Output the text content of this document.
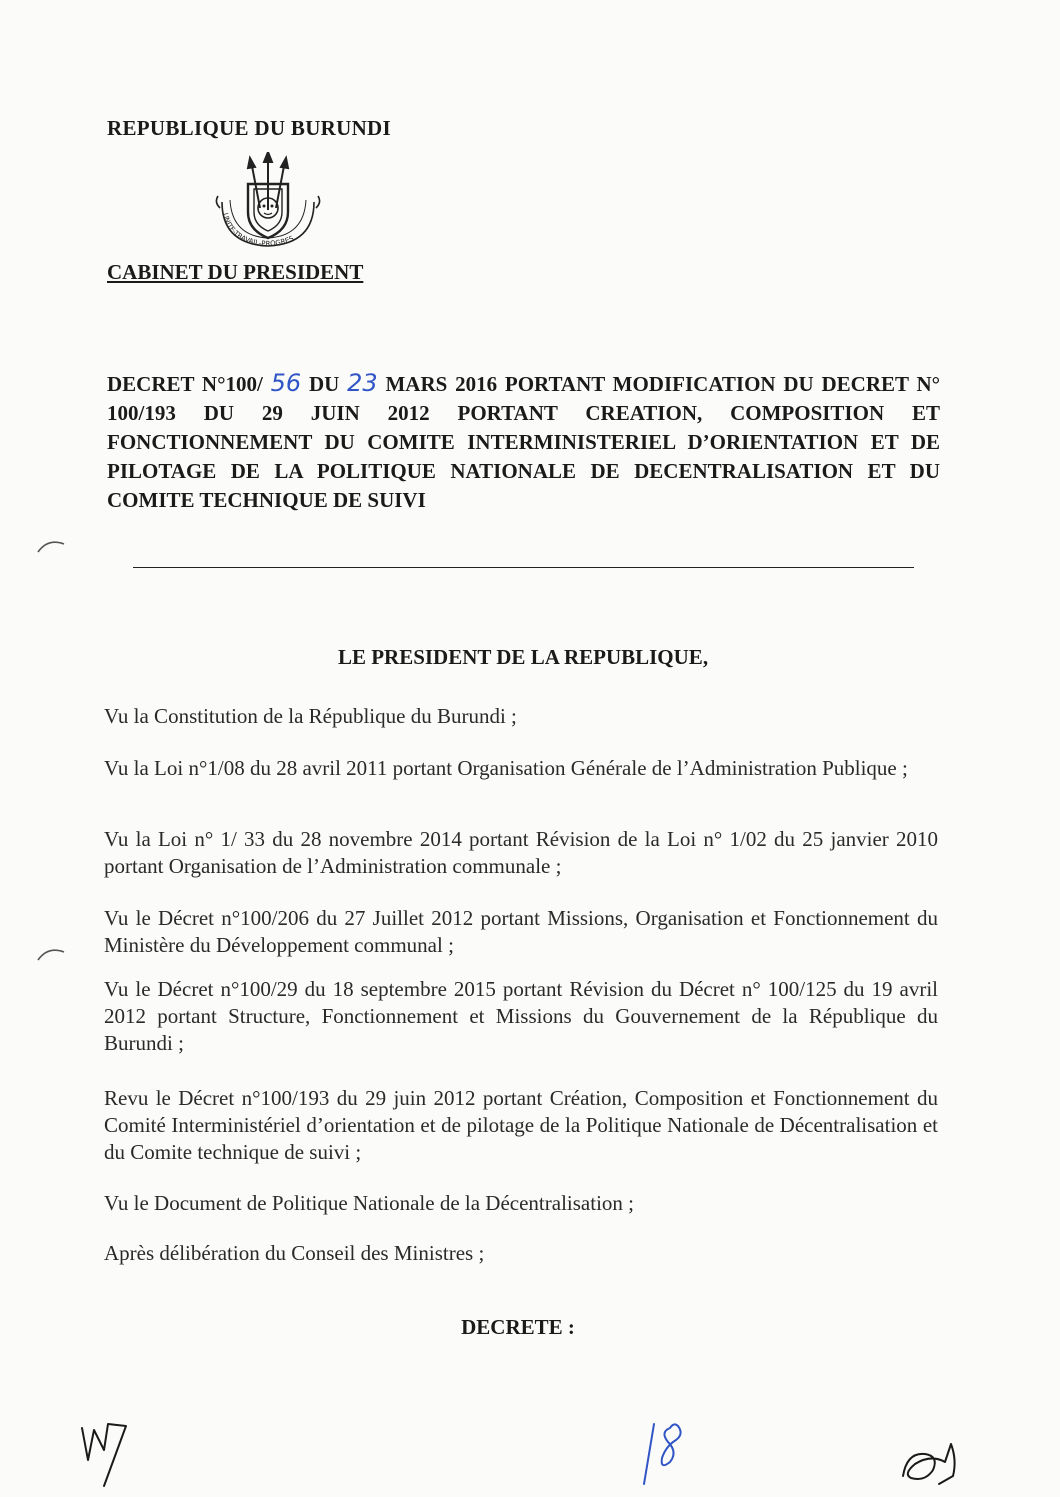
REPUBLIQUE DU BURUNDI
UNITE-TRAVAIL-PROGRES
CABINET DU PRESIDENT
DECRET N°100/ 56 DU 23 MARS 2016 PORTANT MODIFICATION DU DECRET N° 100/193 DU 29 JUIN 2012 PORTANT CREATION, COMPOSITION ET FONCTIONNEMENT DU COMITE INTERMINISTERIEL D’ORIENTATION ET DE PILOTAGE DE LA POLITIQUE NATIONALE DE DECENTRALISATION ET DU COMITE TECHNIQUE DE SUIVI
LE PRESIDENT DE LA REPUBLIQUE,
Vu la Constitution de la République du Burundi ;
Vu la Loi n°1/08 du 28 avril 2011 portant Organisation Générale de l’Administration Publique ;
Vu la Loi n° 1/ 33 du 28 novembre 2014 portant Révision de la Loi n° 1/02 du 25 janvier 2010 portant Organisation de l’Administration communale ;
Vu le Décret n°100/206 du 27 Juillet 2012 portant Missions, Organisation et Fonctionnement du Ministère du Développement communal ;
Vu le Décret n°100/29 du 18 septembre 2015 portant Révision du Décret n° 100/125 du 19 avril 2012 portant Structure, Fonctionnement et Missions du Gouvernement de la République du Burundi ;
Revu le Décret n°100/193 du 29 juin 2012 portant Création, Composition et Fonctionnement du Comité Interministériel d’orientation et de pilotage de la Politique Nationale de Décentralisation et du Comite technique de suivi ;
Vu le Document de Politique Nationale de la Décentralisation ;
Après délibération du Conseil des Ministres ;
DECRETE :
